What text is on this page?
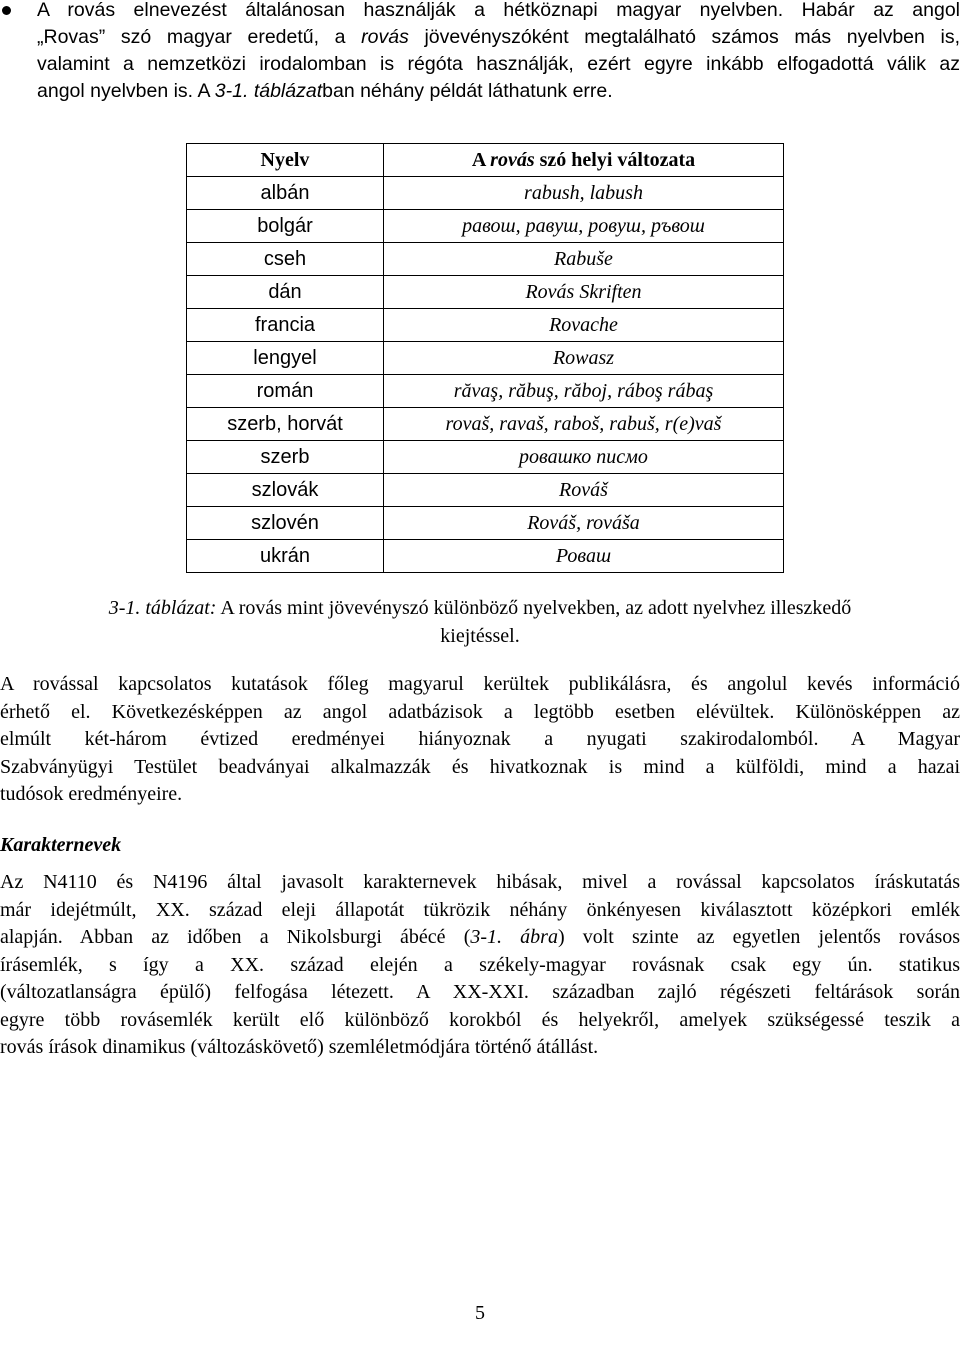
A rovás elnevezést általánosan használják a hétköznapi magyar nyelvben. Habár az angol
„Rovas” szó magyar eredetű, a rovás jövevényszóként megtalálható számos más nyelvben is,
valamint a nemzetközi irodalomban is régóta használják, ezért egyre inkább elfogadottá válik az
angol nyelvben is. A 3-1. táblázatban néhány példát láthatunk erre.
Nyelv	A rovás szó helyi változata
albán	rabush, labush
bolgár	равош, равуш, ровуш, ръвош
cseh	Rabuše
dán	Rovás Skriften
francia	Rovache
lengyel	Rowasz
román	răvaş, răbuş, răboj, ráboş rábaş
szerb, horvát	rovaš, ravaš, raboš, rabuš, r(e)vaš
szerb	ровашко писмо
szlovák	Rováš
szlovén	Rováš, rováša
ukrán	Роваш
3-1. táblázat: A rovás mint jövevényszó különböző nyelvekben, az adott nyelvhez illeszkedő
kiejtéssel.
A rovással kapcsolatos kutatások főleg magyarul kerültek publikálásra, és angolul kevés információ
érhető el. Következésképpen az angol adatbázisok a legtöbb esetben elévültek. Különösképpen az
elmúlt két-három évtized eredményei hiányoznak a nyugati szakirodalomból. A Magyar
Szabványügyi Testület beadványai alkalmazzák és hivatkoznak is mind a külföldi, mind a hazai
tudósok eredményeire.
Karakternevek
Az N4110 és N4196 által javasolt karakternevek hibásak, mivel a rovással kapcsolatos íráskutatás
már idejétmúlt, XX. század eleji állapotát tükrözik néhány önkényesen kiválasztott középkori emlék
alapján. Abban az időben a Nikolsburgi ábécé (3-1. ábra) volt szinte az egyetlen jelentős rovásos
írásemlék, s így a XX. század elején a székely-magyar rovásnak csak egy ún. statikus
(változatlanságra épülő) felfogása létezett. A XX-XXI. században zajló régészeti feltárások során
egyre több rovásemlék került elő különböző korokból és helyekről, amelyek szükségessé teszik a
rovás írások dinamikus (változáskövető) szemléletmódjára történő átállást.
5
